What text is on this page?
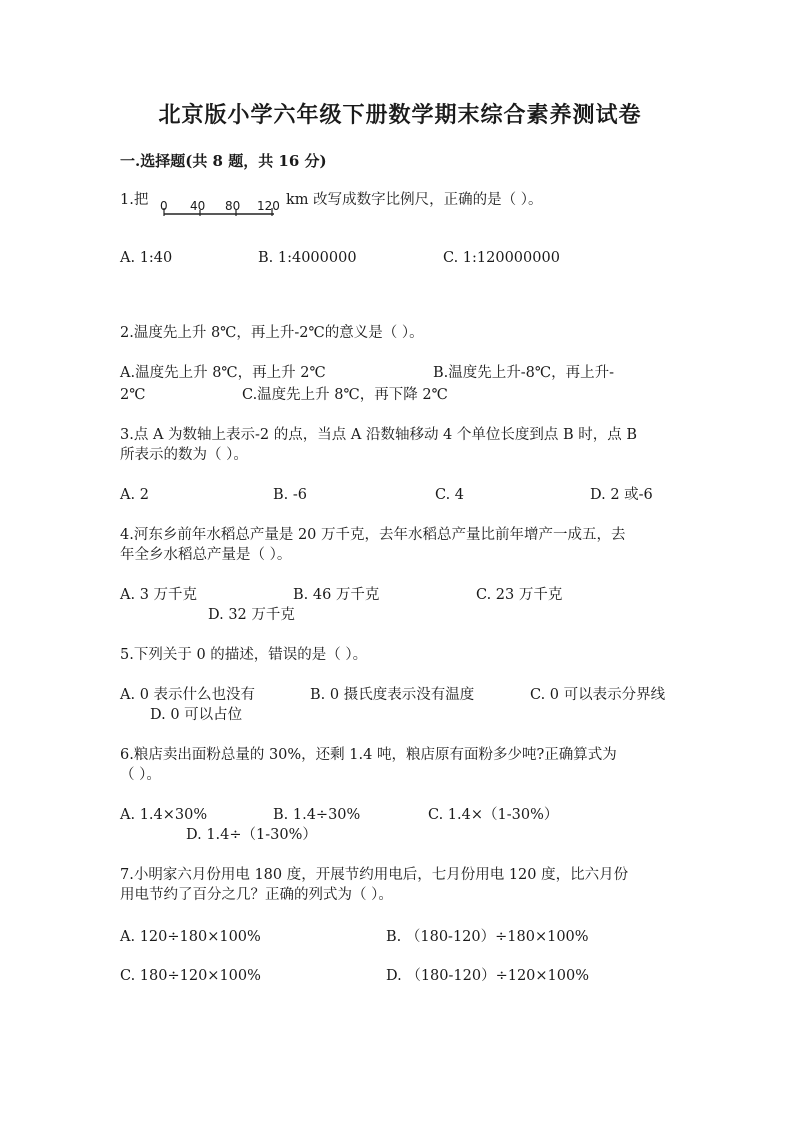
北京版小学六年级下册数学期末综合素养测试卷
一.选择题(共 8 题，共 16 分)
1.把 0 40 80 120 km 改写成数字比例尺，正确的是（ ）。
A. 1:40	B. 1:4000000	C. 1:120000000
2.温度先上升 8℃，再上升-2℃的意义是（ ）。
A.温度先上升 8℃，再上升 2℃	B.温度先上升-8℃，再上升-
2℃	C.温度先上升 8℃，再下降 2℃
3.点 A 为数轴上表示-2 的点，当点 A 沿数轴移动 4 个单位长度到点 B 时，点 B
所表示的数为（ ）。
A. 2	B. -6	C. 4	D. 2 或-6
4.河东乡前年水稻总产量是 20 万千克，去年水稻总产量比前年增产一成五，去
年全乡水稻总产量是（ ）。
A. 3 万千克	B. 46 万千克	C. 23 万千克
D. 32 万千克
5.下列关于 0 的描述，错误的是（ ）。
A. 0 表示什么也没有	B. 0 摄氏度表示没有温度	C. 0 可以表示分界线
D. 0 可以占位
6.粮店卖出面粉总量的 30%，还剩 1.4 吨，粮店原有面粉多少吨?正确算式为
（ ）。
A. 1.4×30%	B. 1.4÷30%	C. 1.4×（1-30%）
D. 1.4÷（1-30%）
7.小明家六月份用电 180 度，开展节约用电后，七月份用电 120 度，比六月份
用电节约了百分之几？正确的列式为（ ）。
A. 120÷180×100%	B. （180-120）÷180×100%
C. 180÷120×100%	D. （180-120）÷120×100%
